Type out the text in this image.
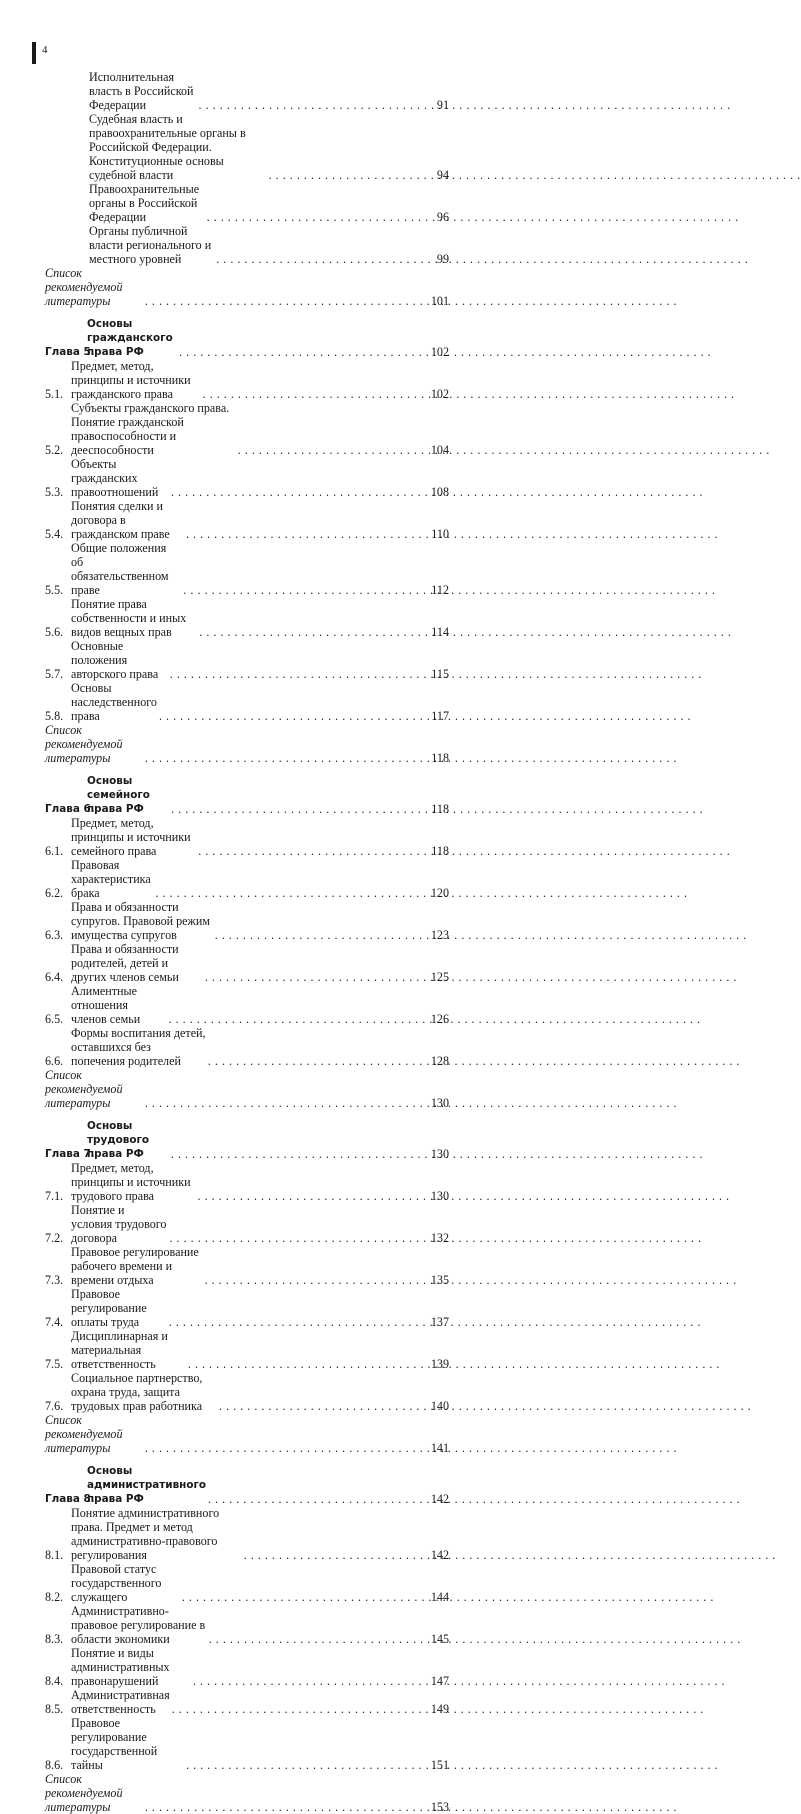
4
Исполнительная власть в Российской Федерации . . .	91
Судебная власть и правоохранительные органы в Российской Федерации. Конституционные основы судебной власти . . .	94
Правоохранительные органы в Российской Федерации . . .	96
Органы публичной власти регионального и местного уровней . . .	99
Список рекомендуемой литературы . . .	101
Глава 5.
Основы гражданского права РФ . . .	102
5.1.
Предмет, метод, принципы и источники гражданского права . . .	102
5.2.
Субъекты гражданского права. Понятие гражданской правоспособности и дееспособности . . .	104
5.3.
Объекты гражданских правоотношений . . .	108
5.4.
Понятия сделки и договора в гражданском праве . . .	110
5.5.
Общие положения об обязательственном праве . . .	112
5.6.
Понятие права собственности и иных видов вещных прав . . .	114
5.7.
Основные положения авторского права . . .	115
5.8.
Основы наследственного права . . .	117
Список рекомендуемой литературы . . .	118
Глава 6.
Основы семейного права РФ . . .	118
6.1.
Предмет, метод, принципы и источники семейного права . . .	118
6.2.
Правовая характеристика брака . . .	120
6.3.
Права и обязанности супругов. Правовой режим имущества супругов . . .	123
6.4.
Права и обязанности родителей, детей и других членов семьи . . .	125
6.5.
Алиментные отношения членов семьи . . .	126
6.6.
Формы воспитания детей, оставшихся без попечения родителей . . .	128
Список рекомендуемой литературы . . .	130
Глава 7.
Основы трудового права РФ . . .	130
7.1.
Предмет, метод, принципы и источники трудового права . . .	130
7.2.
Понятие и условия трудового договора . . .	132
7.3.
Правовое регулирование рабочего времени и времени отдыха . . .	135
7.4.
Правовое регулирование оплаты труда . . .	137
7.5.
Дисциплинарная и материальная ответственность . . .	139
7.6.
Социальное партнерство, охрана труда, защита трудовых прав работника . . .	140
Список рекомендуемой литературы . . .	141
Глава 8.
Основы административного права РФ . . .	142
8.1.
Понятие административного права. Предмет и метод административно-правового регулирования . . .	142
8.2.
Правовой статус государственного служащего . . .	144
8.3.
Административно-правовое регулирование в области экономики . . .	145
8.4.
Понятие и виды административных правонарушений . . .	147
8.5.
Административная ответственность . . .	149
8.6.
Правовое регулирование государственной тайны . . .	151
Список рекомендуемой литературы . . .	153
